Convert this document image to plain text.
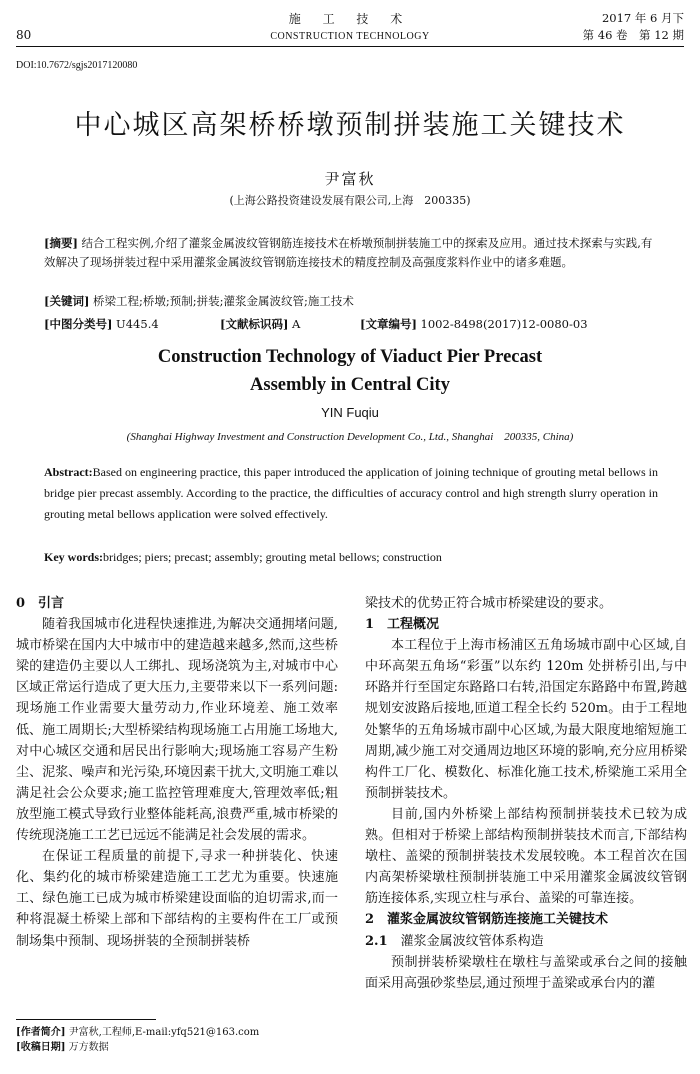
80
施 工 技 术
CONSTRUCTION TECHNOLOGY
2017 年 6 月下
第 46 卷　第 12 期
DOI:10.7672/sgjs2017120080
中心城区高架桥桥墩预制拼装施工关键技术
尹富秋
(上海公路投资建设发展有限公司,上海　200335)
[摘要] 结合工程实例,介绍了灌浆金属波纹管钢筋连接技术在桥墩预制拼装施工中的探索及应用。通过技术探索与实践,有效解决了现场拼装过程中采用灌浆金属波纹管钢筋连接技术的精度控制及高强度浆料作业中的诸多难题。
[关键词] 桥梁工程;桥墩;预制;拼装;灌浆金属波纹管;施工技术
[中图分类号] U445.4	[文献标识码] A	[文章编号] 1002-8498(2017)12-0080-03
Construction Technology of Viaduct Pier Precast
Assembly in Central City
YIN Fuqiu
(Shanghai Highway Investment and Construction Development Co., Ltd., Shanghai　200335, China)
Abstract:Based on engineering practice, this paper introduced the application of joining technique of grouting metal bellows in bridge pier precast assembly. According to the practice, the difficulties of accuracy control and high strength slurry operation in grouting metal bellows application were solved effectively.
Key words:bridges; piers; precast; assembly; grouting metal bellows; construction

0　引言

随着我国城市化进程快速推进,为解决交通拥堵问题,城市桥梁在国内大中城市中的建造越来越多,然而,这些桥梁的建造仍主要以人工绑扎、现场浇筑为主,对城市中心区域正常运行造成了更大压力,主要带来以下一系列问题:现场施工作业需要大量劳动力,作业环境差、施工效率低、施工周期长;大型桥梁结构现场施工占用施工场地大,对中心城区交通和居民出行影响大;现场施工容易产生粉尘、泥浆、噪声和光污染,环境因素干扰大,文明施工难以满足社会公众要求;施工监控管理难度大,管理效率低;粗放型施工模式导致行业整体能耗高,浪费严重,城市桥梁的传统现浇施工工艺已远远不能满足社会发展的需求。

在保证工程质量的前提下,寻求一种拼装化、快速化、集约化的城市桥梁建造施工工艺尤为重要。快速施工、绿色施工已成为城市桥梁建设面临的迫切需求,而一种将混凝土桥梁上部和下部结构的主要构件在工厂或预制场集中预制、现场拼装的全预制拼装桥

梁技术的优势正符合城市桥梁建设的要求。

1　工程概况

本工程位于上海市杨浦区五角场城市副中心区域,自中环高架五角场“彩蛋”以东约 120m 处拼桥引出,与中环路并行至国定东路路口右转,沿国定东路路中布置,跨越规划安波路后接地,匝道工程全长约 520m。由于工程地处繁华的五角场城市副中心区域,为最大限度地缩短施工周期,减少施工对交通周边地区环境的影响,充分应用桥梁构件工厂化、模数化、标准化施工技术,桥梁施工采用全预制拼装技术。

目前,国内外桥梁上部结构预制拼装技术已较为成熟。但相对于桥梁上部结构预制拼装技术而言,下部结构墩柱、盖梁的预制拼装技术发展较晚。本工程首次在国内高架桥梁墩柱预制拼装施工中采用灌浆金属波纹管钢筋连接体系,实现立柱与承台、盖梁的可靠连接。

2　灌浆金属波纹管钢筋连接施工关键技术

2.1　灌浆金属波纹管体系构造

预制拼装桥梁墩柱在墩柱与盖梁或承台之间的接触面采用高强砂浆垫层,通过预埋于盖梁或承台内的灌

[作者简介] 尹富秋,工程师,E-mail:yfq521@163.com
[收稿日期] 万方数据
